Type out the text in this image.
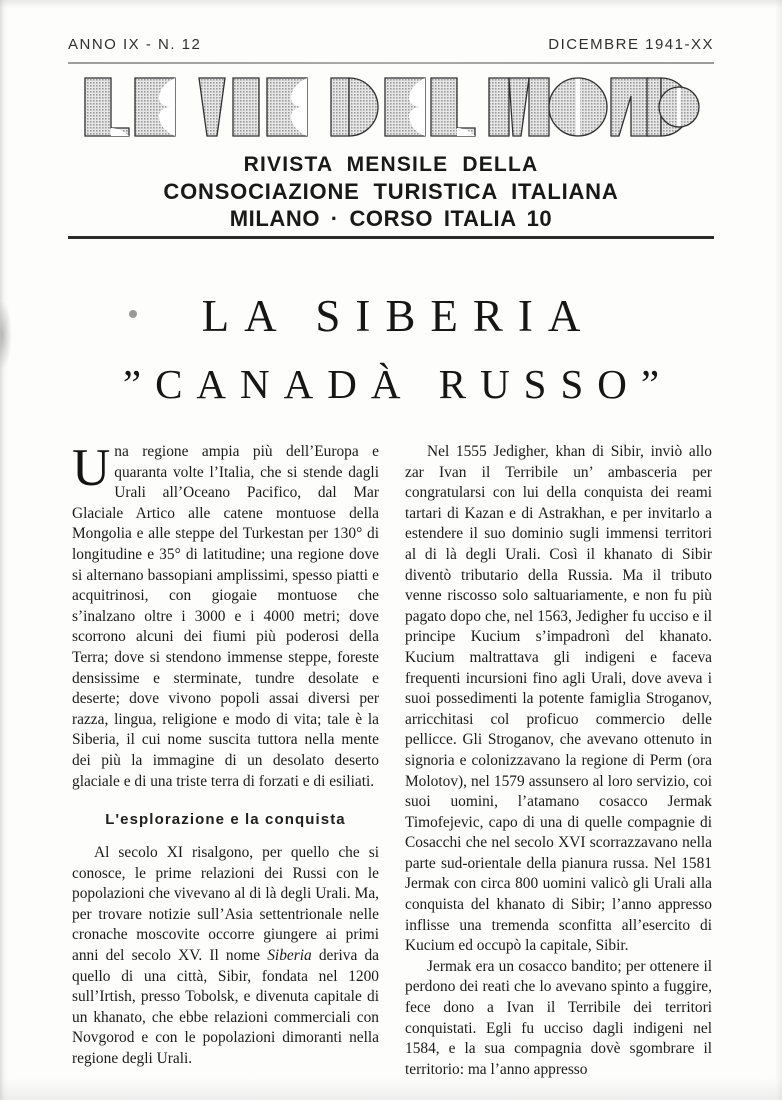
ANNO IX - N. 12	DICEMBRE 1941-XX
RIVISTA MENSILE DELLA
CONSOCIAZIONE TURISTICA ITALIANA
MILANO · CORSO ITALIA 10
LA SIBERIA
”CANADÀ RUSSO”

Una regione ampia più dell’Europa e quaranta volte l’Italia, che si stende dagli Urali all’Oceano Pacifico, dal Mar Glaciale Artico alle catene montuose della Mongolia e alle steppe del Turkestan per 130° di longitudine e 35° di latitudine; una regione dove si alternano bassopiani amplissimi, spesso piatti e acquitrinosi, con giogaie montuose che s’inalzano oltre i 3000 e i 4000 metri; dove scorrono alcuni dei fiumi più poderosi della Terra; dove si stendono immense steppe, foreste densissime e sterminate, tundre desolate e deserte; dove vivono popoli assai diversi per razza, lingua, religione e modo di vita; tale è la Siberia, il cui nome suscita tuttora nella mente dei più la immagine di un desolato deserto glaciale e di una triste terra di forzati e di esiliati.

L'esplorazione e la conquista

Al secolo XI risalgono, per quello che si conosce, le prime relazioni dei Russi con le popolazioni che vivevano al di là degli Urali. Ma, per trovare notizie sull’Asia settentrionale nelle cronache moscovite occorre giungere ai primi anni del secolo XV. Il nome Siberia deriva da quello di una città, Sibir, fondata nel 1200 sull’Irtish, presso Tobolsk, e divenuta capitale di un khanato, che ebbe relazioni commerciali con Novgorod e con le popolazioni dimoranti nella regione degli Urali.

Nel 1555 Jedigher, khan di Sibir, inviò allo zar Ivan il Terribile un’ ambasceria per congratularsi con lui della conquista dei reami tartari di Kazan e di Astrakhan, e per invitarlo a estendere il suo dominio sugli immensi territori al di là degli Urali. Così il khanato di Sibir diventò tributario della Russia. Ma il tributo venne riscosso solo saltuariamente, e non fu più pagato dopo che, nel 1563, Jedigher fu ucciso e il principe Kucium s’impadronì del khanato. Kucium maltrattava gli indigeni e faceva frequenti incursioni fino agli Urali, dove aveva i suoi possedimenti la potente famiglia Stroganov, arricchitasi col proficuo commercio delle pellicce. Gli Stroganov, che avevano ottenuto in signoria e colonizzavano la regione di Perm (ora Molotov), nel 1579 assunsero al loro servizio, coi suoi uomini, l’atamano cosacco Jermak Timofejevic, capo di una di quelle compagnie di Cosacchi che nel secolo XVI scorrazzavano nella parte sud-orientale della pianura russa. Nel 1581 Jermak con circa 800 uomini valicò gli Urali alla conquista del khanato di Sibir; l’anno appresso inflisse una tremenda sconfitta all’esercito di Kucium ed occupò la capitale, Sibir.

Jermak era un cosacco bandito; per ottenere il perdono dei reati che lo avevano spinto a fuggire, fece dono a Ivan il Terribile dei territori conquistati. Egli fu ucciso dagli indigeni nel 1584, e la sua compagnia dovè sgombrare il territorio: ma l’anno appresso
